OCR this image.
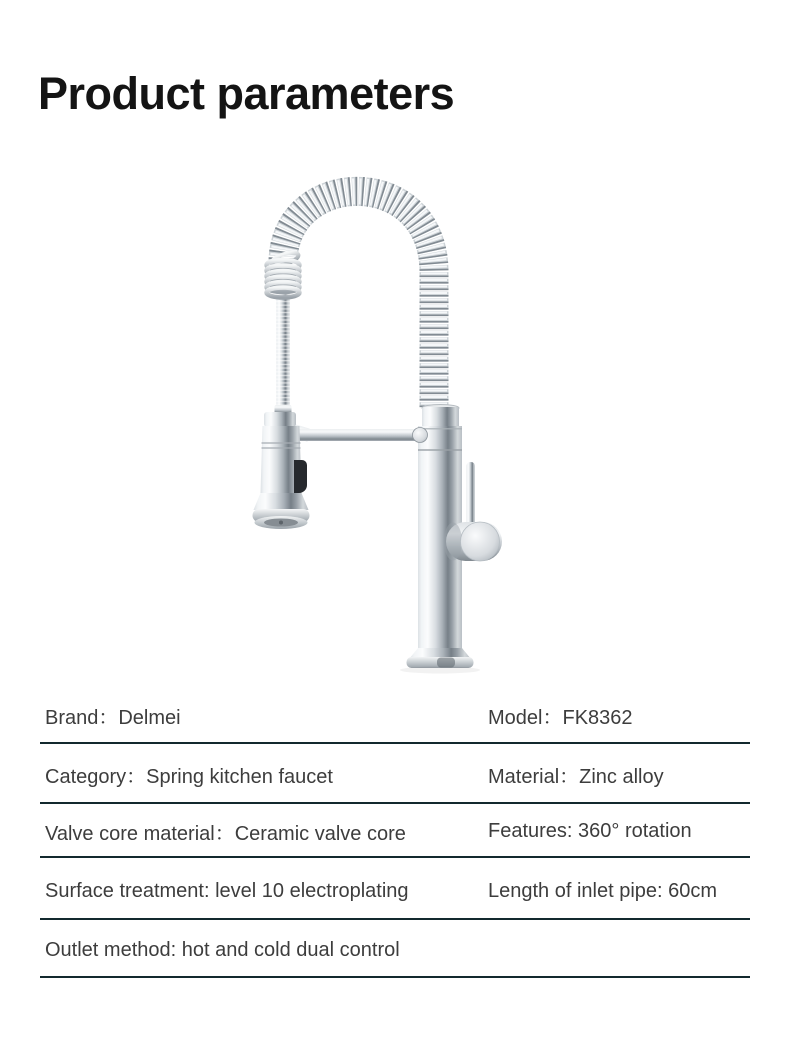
Product parameters
Brand：Delmei	Model：FK8362
Category：Spring kitchen faucet	Material：Zinc alloy
Valve core material：Ceramic valve core	Features: 360° rotation
Surface treatment: level 10 electroplating	Length of inlet pipe: 60cm
Outlet method: hot and cold dual control
